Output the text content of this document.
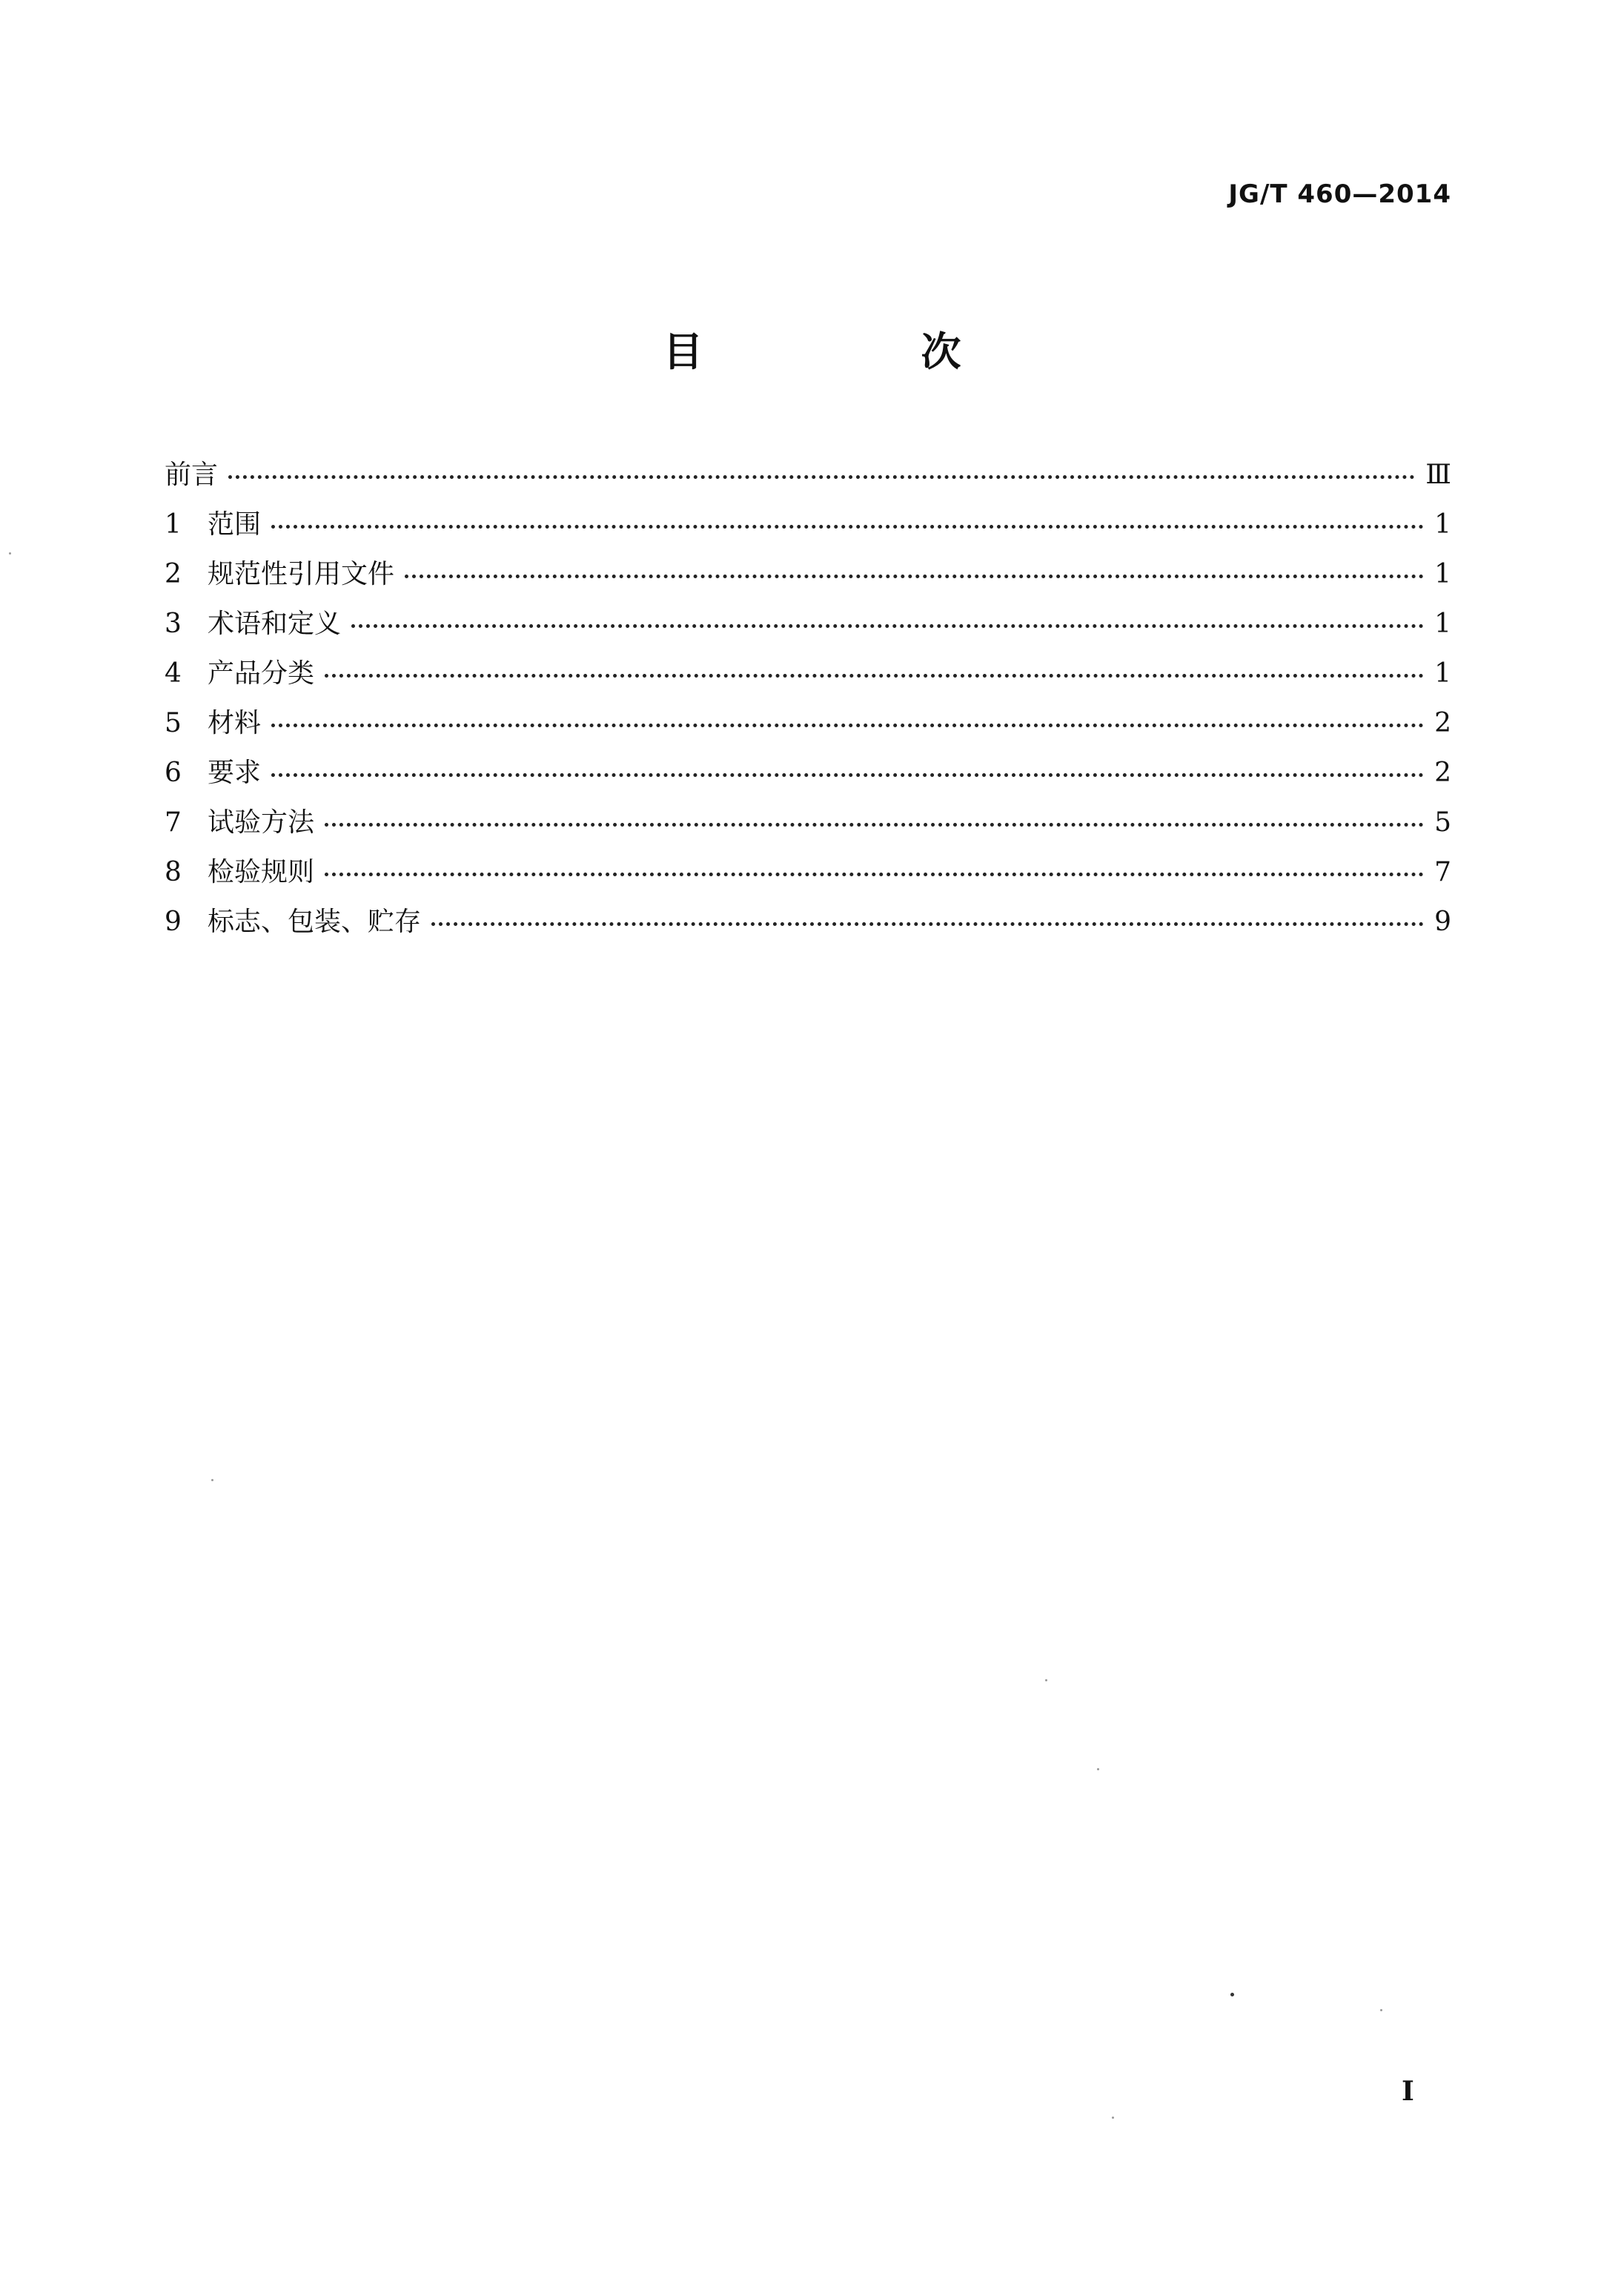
JG/T 460—2014
目　次
前言	Ⅲ
1 范围	1
2 规范性引用文件	1
3 术语和定义	1
4 产品分类	1
5 材料	2
6 要求	2
7 试验方法	5
8 检验规则	7
9 标志、包装、贮存	9
I
